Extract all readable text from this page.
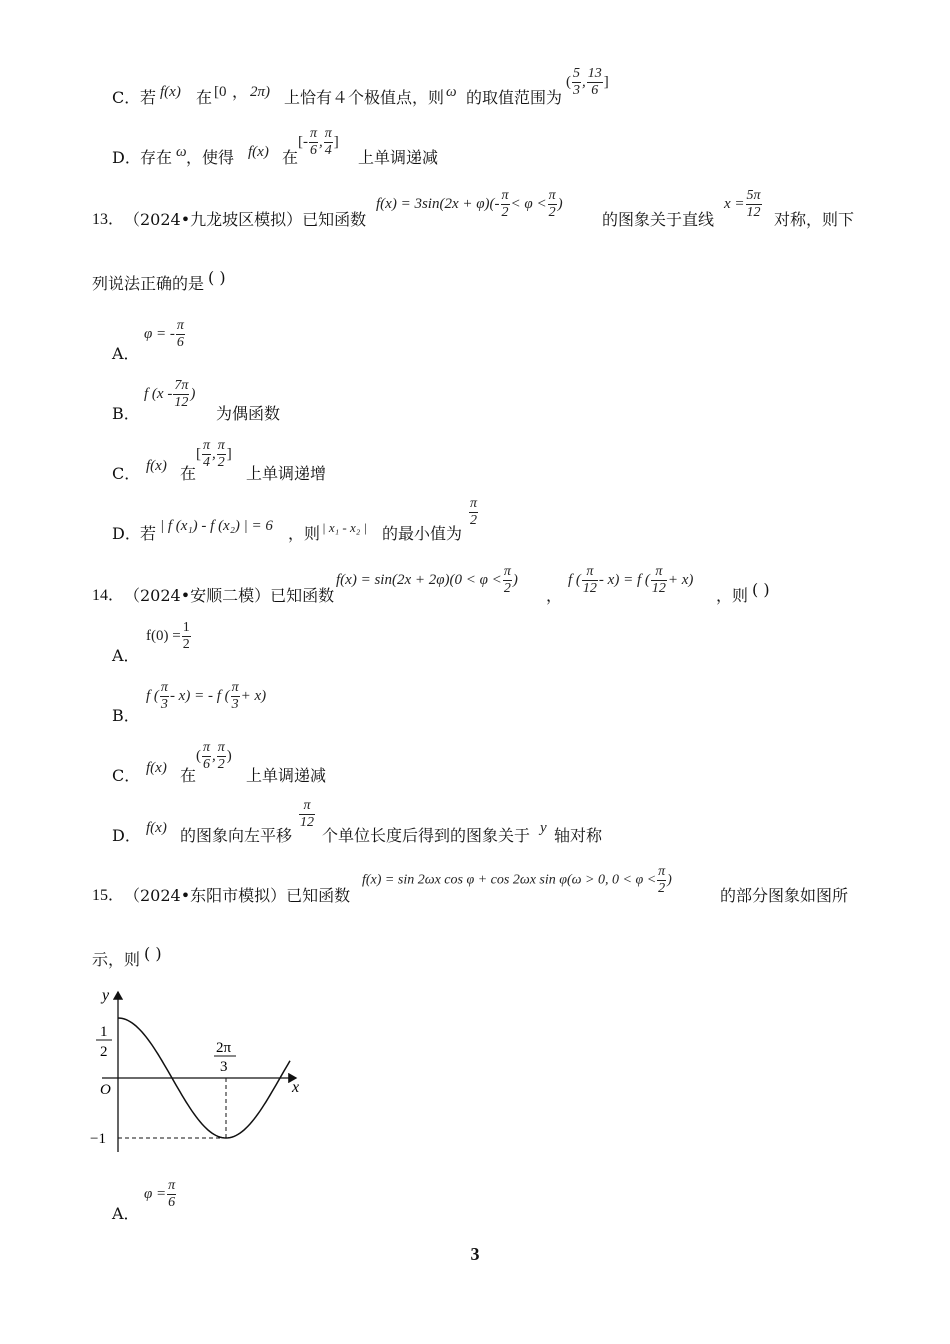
C． 若 f(x) 在 [0 ， 2π) 上恰有４个极值点，则 ω 的取值范围为
( $\frac{5}{3}$ , $\frac{13}{6}$ ]
D． 存在 ω ，使得 f(x) 在
[- $\frac{\pi}{6}$ , $\frac{\pi}{4}$ ]
上单调递减
13． （2024•九龙坡区模拟）已知函数
$f(x) = 3\sin(2x + \varphi)(- \frac{\pi}{2} < \varphi < \frac{\pi}{2}$ )
的图象关于直线
$x = \frac{5\pi}{12}$ 对称，则下
列说法正确的是 ( )
A．
φ = - $\frac{\pi}{6}$
B．
f ($x - \frac{7\pi}{12}$ )
为偶函数
C． f(x) 在
[ $\frac{\pi}{4}$ , $\frac{\pi}{2}$ ]
上单调递增
D． 若 | f (x₁) - f (x₂) | = 6 ，则 | x₁ - x₂ | 的最小值为
$\frac{\pi}{2}$
14． （2024•安顺二模）已知函数
$f(x) = \sin(2x + 2\varphi)(0 < \varphi < \frac{\pi}{2}$ )
，
f ( $\frac{\pi}{12} - x) = f$ ( $\frac{\pi}{12} + x$)
，则 ( )
A．
$f(0) = \frac{1}{2}$
B．
f ( $\frac{\pi}{3} - x$) = - f ( $\frac{\pi}{3} + x$)
C． f(x) 在
( $\frac{\pi}{6}$ , $\frac{\pi}{2}$ )
上单调递减
D． f(x) 的图象向左平移
$\frac{\pi}{12}$
个单位长度后得到的图象关于 y 轴对称
15． （2024•东阳市模拟）已知函数
f(x) = sin 2ωx cos φ + cos 2ωx sin φ(ω > 0, $0 < \varphi < \frac{\pi}{2}$ )
的部分图象如图所
示，则 ( )
y
x
O
1
2	2π
3
−1
A．
$\varphi = \frac{\pi}{6}$
3
